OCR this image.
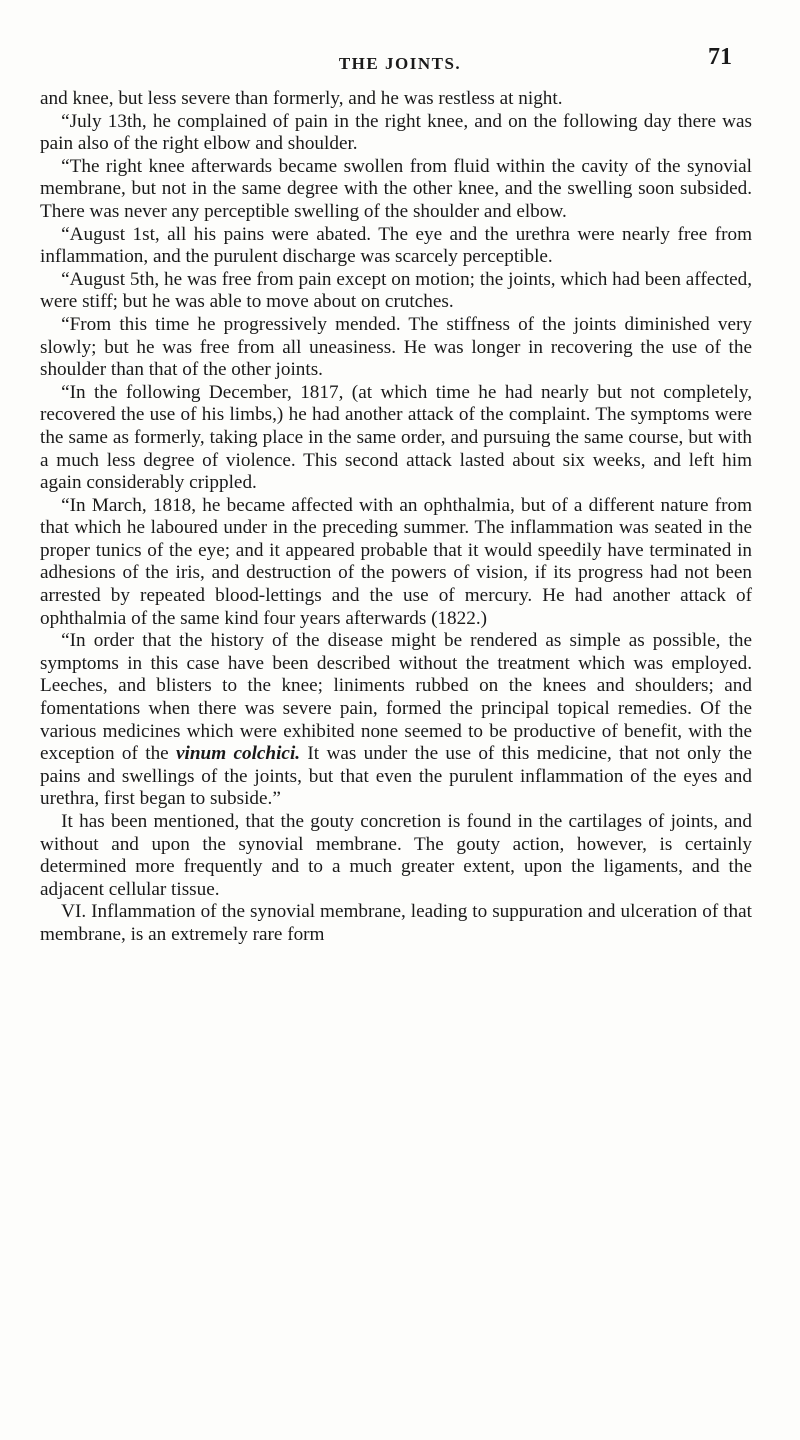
THE JOINTS.	71

and knee, but less severe than formerly, and he was restless at night.

“July 13th, he complained of pain in the right knee, and on the following day there was pain also of the right elbow and shoulder.

“The right knee afterwards became swollen from fluid within the cavity of the synovial membrane, but not in the same degree with the other knee, and the swelling soon subsided. There was never any perceptible swelling of the shoulder and elbow.

“August 1st, all his pains were abated. The eye and the urethra were nearly free from inflammation, and the purulent discharge was scarcely perceptible.

“August 5th, he was free from pain except on motion; the joints, which had been affected, were stiff; but he was able to move about on crutches.

“From this time he progressively mended. The stiffness of the joints diminished very slowly; but he was free from all uneasiness. He was longer in recovering the use of the shoulder than that of the other joints.

“In the following December, 1817, (at which time he had nearly but not completely, recovered the use of his limbs,) he had another attack of the complaint. The symptoms were the same as formerly, taking place in the same order, and pursuing the same course, but with a much less degree of violence. This second attack lasted about six weeks, and left him again considerably crippled.

“In March, 1818, he became affected with an ophthalmia, but of a different nature from that which he laboured under in the preceding summer. The inflammation was seated in the proper tunics of the eye; and it appeared probable that it would speedily have terminated in adhesions of the iris, and destruction of the powers of vision, if its progress had not been arrested by repeated blood-lettings and the use of mercury. He had another attack of ophthalmia of the same kind four years afterwards (1822.)

“In order that the history of the disease might be rendered as simple as possible, the symptoms in this case have been described without the treatment which was employed. Leeches, and blisters to the knee; liniments rubbed on the knees and shoulders; and fomentations when there was severe pain, formed the principal topical remedies. Of the various medicines which were exhibited none seemed to be productive of benefit, with the exception of the vinum colchici. It was under the use of this medicine, that not only the pains and swellings of the joints, but that even the purulent inflammation of the eyes and urethra, first began to subside.”

It has been mentioned, that the gouty concretion is found in the cartilages of joints, and without and upon the synovial membrane. The gouty action, however, is certainly determined more frequently and to a much greater extent, upon the ligaments, and the adjacent cellular tissue.

VI. Inflammation of the synovial membrane, leading to suppuration and ulceration of that membrane, is an extremely rare form
